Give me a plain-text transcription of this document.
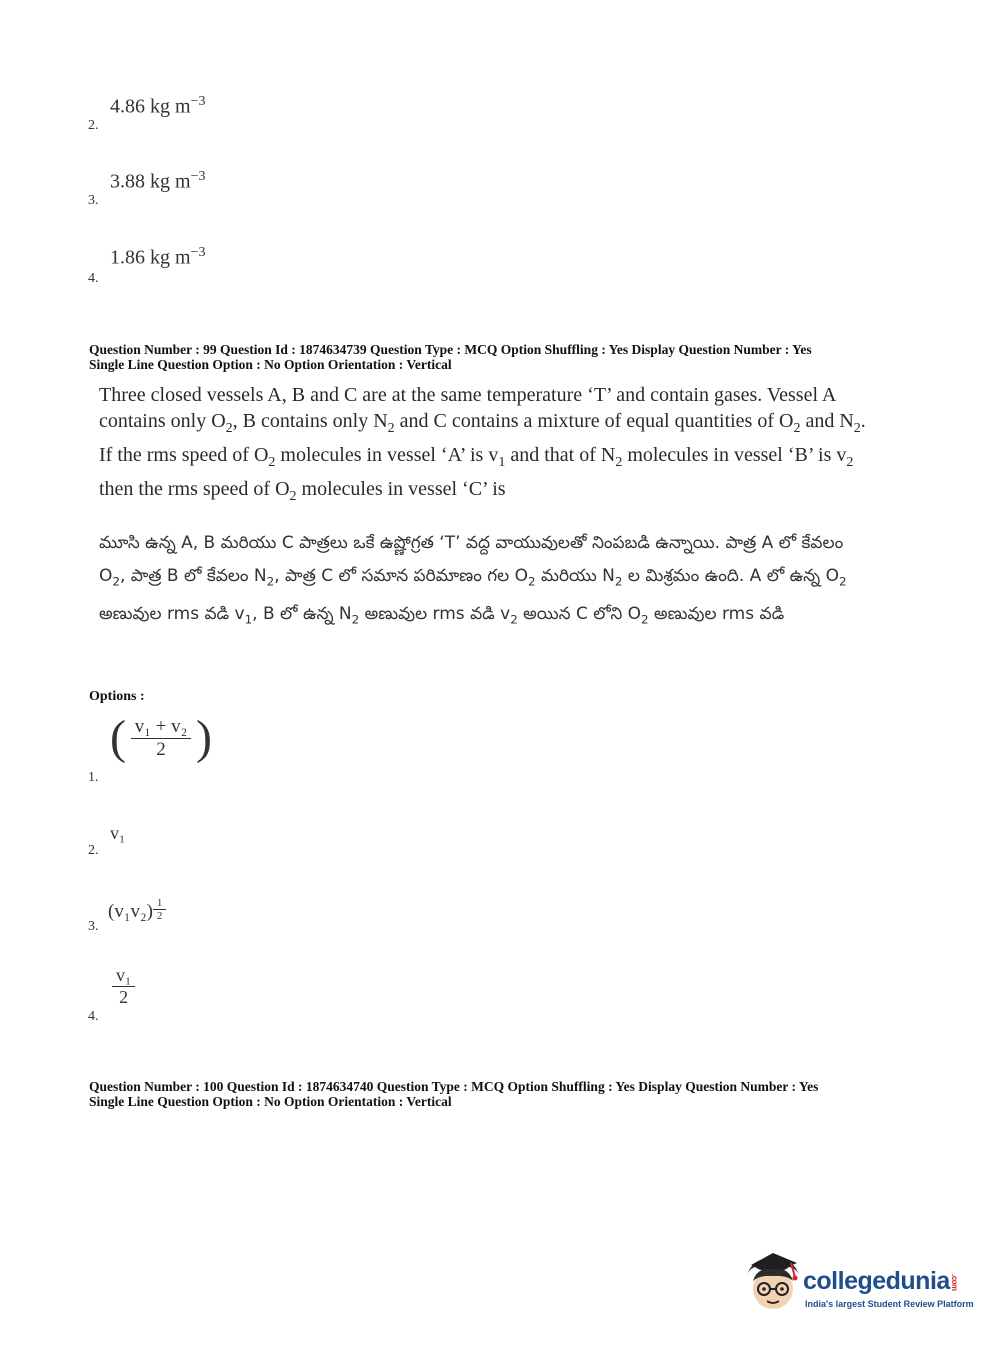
4.86 kg $m^{-3}$
2.
3.88 kg $m^{-3}$
3.
1.86 kg $m^{-3}$
4.
Question Number : 99 Question Id : 1874634739 Question Type : MCQ Option Shuffling : Yes Display Question Number : Yes
Single Line Question Option : No Option Orientation : Vertical
Three closed vessels A, B and C are at the same temperature ‘T’ and contain gases. Vessel A contains only $O_2$, B contains only $N_2$ and C contains a mixture of equal quantities of $O_2$ and $N_2$. If the rms speed of $O_2$ molecules in vessel ‘A’ is $v_1$ and that of $N_2$ molecules in vessel ‘B’ is $v_2$ then the rms speed of $O_2$ molecules in vessel ‘C’ is
మూసి ఉన్న A, B మరియు C పాత్రలు ఒకే ఉష్ణోగ్రత ‘T’ వద్ద వాయువులతో నింపబడి ఉన్నాయి. పాత్ర A లో కేవలం $O_2$, పాత్ర B లో కేవలం $N_2$, పాత్ర C లో సమాన పరిమాణం గల $O_2$ మరియు $N_2$ ల మిశ్రమం ఉంది. A లో ఉన్న $O_2$ అణువుల rms వడి $v_1$, B లో ఉన్న $N_2$ అణువుల rms వడి $v_2$ అయిన C లోని $O_2$ అణువుల rms వడి
Options :
( $\frac{\text{v₁ + v₂}}{2}$ )
1.
v₁
2.
3.
$(v_1v_2) \frac{1}{2}$
$\frac{\text{v₁}}{2}$
4.
Question Number : 100 Question Id : 1874634740 Question Type : MCQ Option Shuffling : Yes Display Question Number : Yes
Single Line Question Option : No Option Orientation : Vertical
collegedunia.com
India's largest Student Review Platform
